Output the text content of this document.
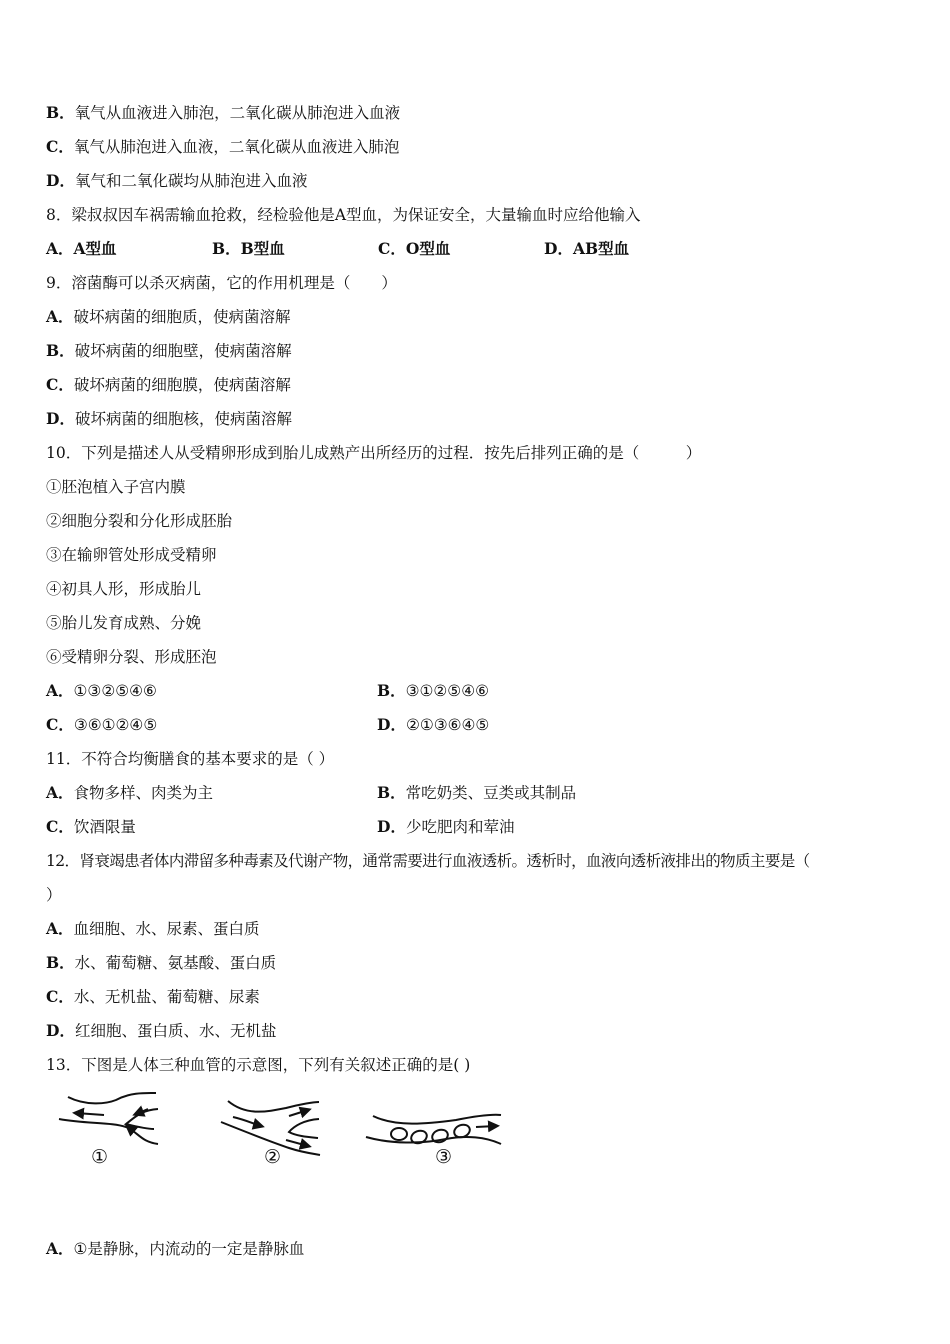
B．氧气从血液进入肺泡，二氧化碳从肺泡进入血液
C．氧气从肺泡进入血液，二氧化碳从血液进入肺泡
D．氧气和二氧化碳均从肺泡进入血液
8．梁叔叔因车祸需输血抢救，经检验他是A型血，为保证安全，大量输血时应给他输入
A．A型血	B．B型血	C．O型血	D．AB型血
9．溶菌酶可以杀灭病菌，它的作用机理是（　　）
A．破坏病菌的细胞质，使病菌溶解
B．破坏病菌的细胞壁，使病菌溶解
C．破坏病菌的细胞膜，使病菌溶解
D．破坏病菌的细胞核，使病菌溶解
10．下列是描述人从受精卵形成到胎儿成熟产出所经历的过程．按先后排列正确的是（　　　）
①胚泡植入子宫内膜
②细胞分裂和分化形成胚胎
③在输卵管处形成受精卵
④初具人形，形成胎儿
⑤胎儿发育成熟、分娩
⑥受精卵分裂、形成胚泡
A．①③②⑤④⑥	B．③①②⑤④⑥
C．③⑥①②④⑤	D．②①③⑥④⑤
11．不符合均衡膳食的基本要求的是（ ）
A．食物多样、肉类为主	B．常吃奶类、豆类或其制品
C．饮酒限量	D．少吃肥肉和荤油
12．肾衰竭患者体内滞留多种毒素及代谢产物，通常需要进行血液透析。透析时，血液向透析液排出的物质主要是（
）
A．血细胞、水、尿素、蛋白质
B．水、葡萄糖、氨基酸、蛋白质
C．水、无机盐、葡萄糖、尿素
D．红细胞、蛋白质、水、无机盐
13．下图是人体三种血管的示意图，下列有关叙述正确的是( )
①	②	③
A．①是静脉，内流动的一定是静脉血
